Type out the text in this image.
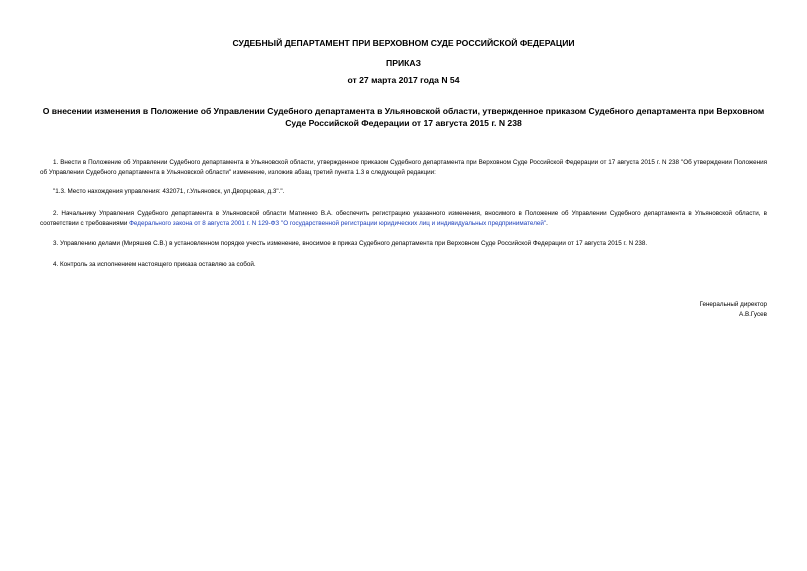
СУДЕБНЫЙ ДЕПАРТАМЕНТ ПРИ ВЕРХОВНОМ СУДЕ РОССИЙСКОЙ ФЕДЕРАЦИИ
ПРИКАЗ
от 27 марта 2017 года N 54
О внесении изменения в Положение об Управлении Судебного департамента в Ульяновской области, утвержденное приказом Судебного департамента при Верховном Суде Российской Федерации от 17 августа 2015 г. N 238

1. Внести в Положение об Управлении Судебного департамента в Ульяновской области, утвержденное приказом Судебного департамента при Верховном Суде Российской Федерации от 17 августа 2015 г. N 238 "Об утверждении Положения об Управлении Судебного департамента в Ульяновской области" изменение, изложив абзац третий пункта 1.3 в следующей редакции:

"1.3. Место нахождения управления: 432071, г.Ульяновск, ул.Дворцовая, д.3".".

2. Начальнику Управления Судебного департамента в Ульяновской области Матиенко В.А. обеспечить регистрацию указанного изменения, вносимого в Положение об Управлении Судебного департамента в Ульяновской области, в соответствии с требованиями Федерального закона от 8 августа 2001 г. N 129-ФЗ "О государственной регистрации юридических лиц и индивидуальных предпринимателей".

3. Управлению делами (Миряшев С.В.) в установленном порядке учесть изменение, вносимое в приказ Судебного департамента при Верховном Суде Российской Федерации от 17 августа 2015 г. N 238.

4. Контроль за исполнением настоящего приказа оставляю за собой.

Генеральный директор
А.В.Гусев
